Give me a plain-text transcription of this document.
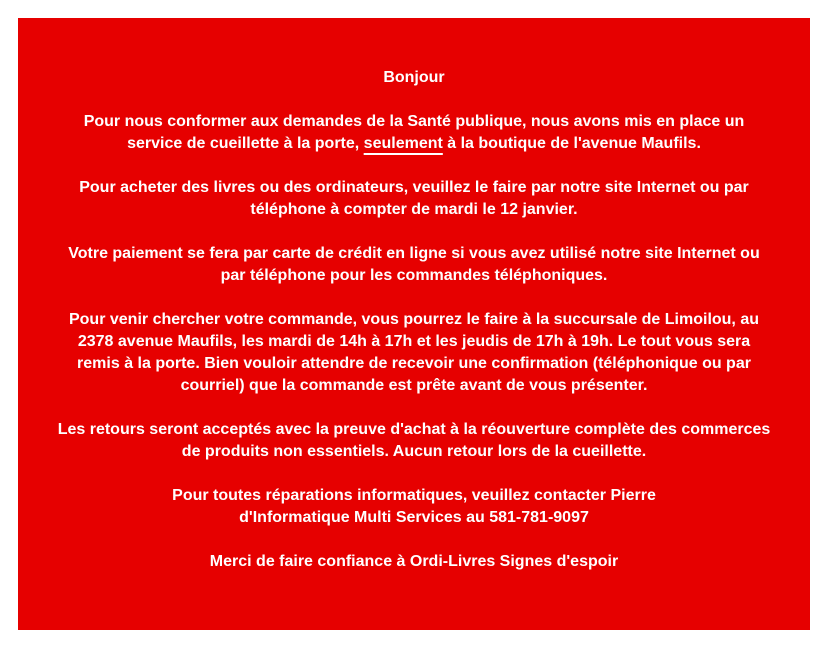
Bonjour

Pour nous conformer aux demandes de la Santé publique, nous avons mis en place un service de cueillette à la porte, seulement à la boutique de l'avenue Maufils.

Pour acheter des livres ou des ordinateurs, veuillez le faire par notre site Internet ou par téléphone à compter de mardi le 12 janvier.

Votre paiement se fera par carte de crédit en ligne si vous avez utilisé notre site Internet ou par téléphone pour les commandes téléphoniques.

Pour venir chercher votre commande, vous pourrez le faire à la succursale de Limoilou, au 2378 avenue Maufils, les mardi de 14h à 17h et les jeudis de 17h à 19h. Le tout vous sera remis à la porte. Bien vouloir attendre de recevoir une confirmation (téléphonique ou par courriel) que la commande est prête avant de vous présenter.

Les retours seront acceptés avec la preuve d'achat à la réouverture complète des commerces de produits non essentiels. Aucun retour lors de la cueillette.

Pour toutes réparations informatiques, veuillez contacter Pierre
d'Informatique Multi Services au 581-781-9097

Merci de faire confiance à Ordi-Livres Signes d'espoir
